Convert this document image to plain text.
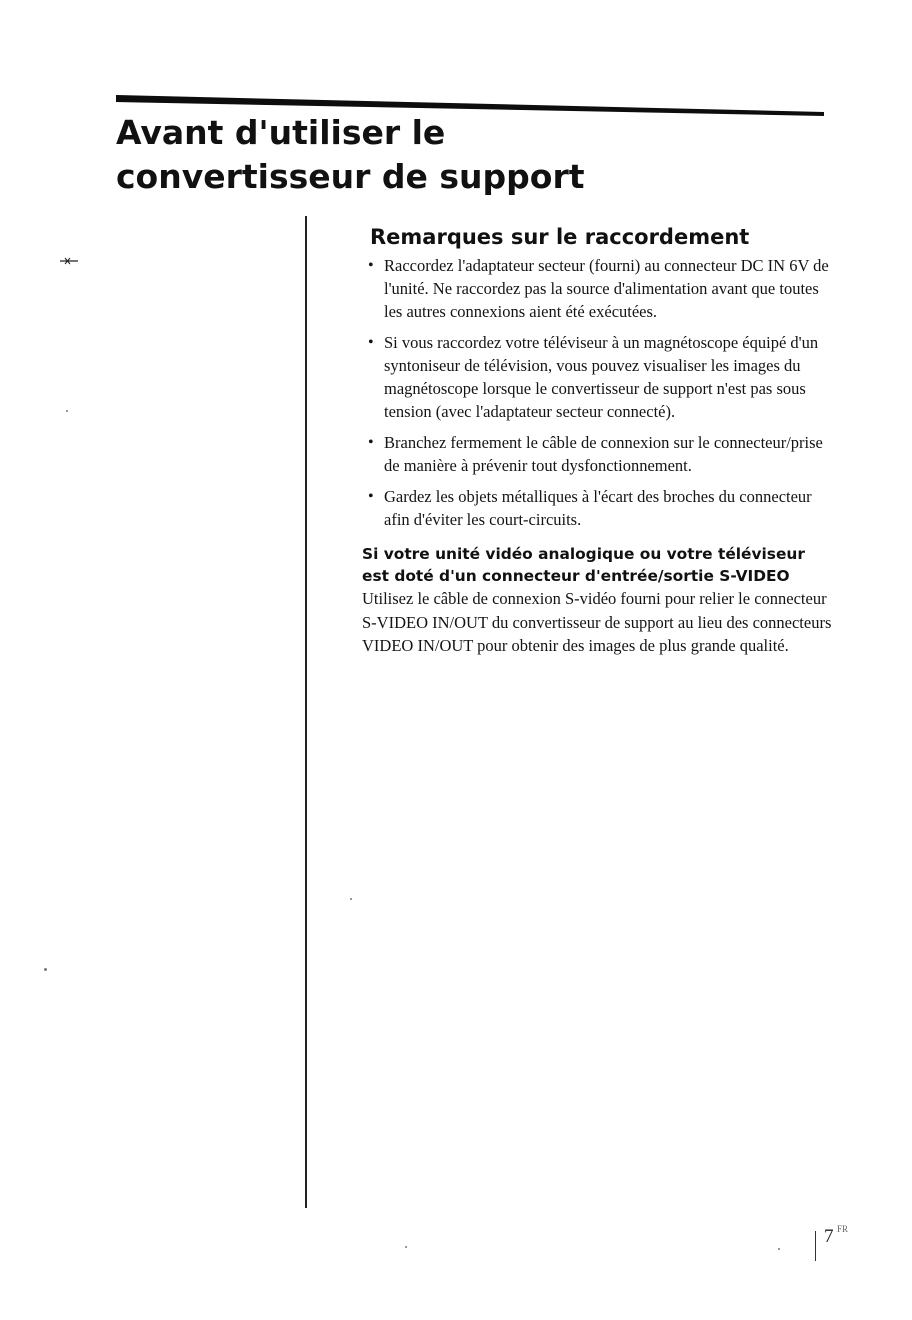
Avant d'utiliser le
convertisseur de support
Remarques sur le raccordement
• Raccordez l'adaptateur secteur (fourni) au connecteur DC IN 6V de l'unité. Ne raccordez pas la source d'alimentation avant que toutes les autres connexions aient été exécutées.
• Si vous raccordez votre téléviseur à un magnétoscope équipé d'un syntoniseur de télévision, vous pouvez visualiser les images du magnétoscope lorsque le convertisseur de support n'est pas sous tension (avec l'adaptateur secteur connecté).
• Branchez fermement le câble de connexion sur le connecteur/prise de manière à prévenir tout dysfonctionnement.
• Gardez les objets métalliques à l'écart des broches du connecteur afin d'éviter les court-circuits.
Si votre unité vidéo analogique ou votre téléviseur est doté d'un connecteur d'entrée/sortie S-VIDEO

Utilisez le câble de connexion S-vidéo fourni pour relier le connecteur S-VIDEO IN/OUT du convertisseur de support au lieu des connecteurs VIDEO IN/OUT pour obtenir des images de plus grande qualité.

7 FR
